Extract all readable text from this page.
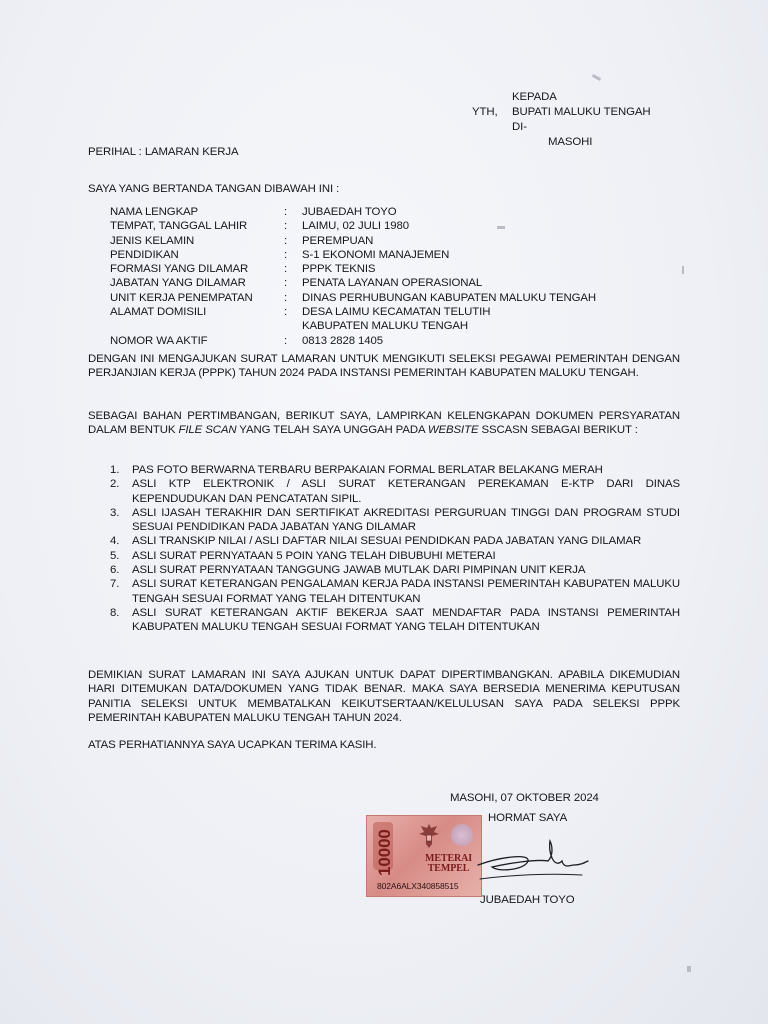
KEPADA
BUPATI MALUKU TENGAH
YTH,
DI-
MASOHI
PERIHAL : LAMARAN KERJA
SAYA YANG BERTANDA TANGAN DIBAWAH INI :
NAMA LENGKAP	: JUBAEDAH TOYO
TEMPAT, TANGGAL LAHIR	: LAIMU, 02 JULI 1980
JENIS KELAMIN	: PEREMPUAN
PENDIDIKAN	: S-1 EKONOMI MANAJEMEN
FORMASI YANG DILAMAR	: PPPK TEKNIS
JABATAN YANG DILAMAR	: PENATA LAYANAN OPERASIONAL
UNIT KERJA PENEMPATAN	: DINAS PERHUBUNGAN KABUPATEN MALUKU TENGAH
ALAMAT DOMISILI	: DESA LAIMU KECAMATAN TELUTIH
KABUPATEN MALUKU TENGAH
NOMOR WA AKTIF	: 0813 2828 1405
DENGAN INI MENGAJUKAN SURAT LAMARAN UNTUK MENGIKUTI SELEKSI PEGAWAI PEMERINTAH DENGAN PERJANJIAN KERJA (PPPK) TAHUN 2024 PADA INSTANSI PEMERINTAH KABUPATEN MALUKU TENGAH.
SEBAGAI BAHAN PERTIMBANGAN, BERIKUT SAYA, LAMPIRKAN KELENGKAPAN DOKUMEN PERSYARATAN DALAM BENTUK FILE SCAN YANG TELAH SAYA UNGGAH PADA WEBSITE SSCASN SEBAGAI BERIKUT :
1. PAS FOTO BERWARNA TERBARU BERPAKAIAN FORMAL BERLATAR BELAKANG MERAH
2. ASLI KTP ELEKTRONIK / ASLI SURAT KETERANGAN PEREKAMAN E-KTP DARI DINAS KEPENDUDUKAN DAN PENCATATAN SIPIL.
3. ASLI IJASAH TERAKHIR DAN SERTIFIKAT AKREDITASI PERGURUAN TINGGI DAN PROGRAM STUDI SESUAI PENDIDIKAN PADA JABATAN YANG DILAMAR
4. ASLI TRANSKIP NILAI / ASLI DAFTAR NILAI SESUAI PENDIDKAN PADA JABATAN YANG DILAMAR
5. ASLI SURAT PERNYATAAN 5 POIN YANG TELAH DIBUBUHI METERAI
6. ASLI SURAT PERNYATAAN TANGGUNG JAWAB MUTLAK DARI PIMPINAN UNIT KERJA
7. ASLI SURAT KETERANGAN PENGALAMAN KERJA PADA INSTANSI PEMERINTAH KABUPATEN MALUKU TENGAH SESUAI FORMAT YANG TELAH DITENTUKAN
8. ASLI SURAT KETERANGAN AKTIF BEKERJA SAAT MENDAFTAR PADA INSTANSI PEMERINTAH KABUPATEN MALUKU TENGAH SESUAI FORMAT YANG TELAH DITENTUKAN
DEMIKIAN SURAT LAMARAN INI SAYA AJUKAN UNTUK DAPAT DIPERTIMBANGKAN. APABILA DIKEMUDIAN HARI DITEMUKAN DATA/DOKUMEN YANG TIDAK BENAR. MAKA SAYA BERSEDIA MENERIMA KEPUTUSAN PANITIA SELEKSI UNTUK MEMBATALKAN KEIKUTSERTAAN/KELULUSAN SAYA PADA SELEKSI PPPK PEMERINTAH KABUPATEN MALUKU TENGAH TAHUN 2024.
ATAS PERHATIANNYA SAYA UCAPKAN TERIMA KASIH.
MASOHI, 07 OKTOBER 2024
HORMAT SAYA
10000	METERAI
TEMPEL
802A6ALX340858515
JUBAEDAH TOYO
